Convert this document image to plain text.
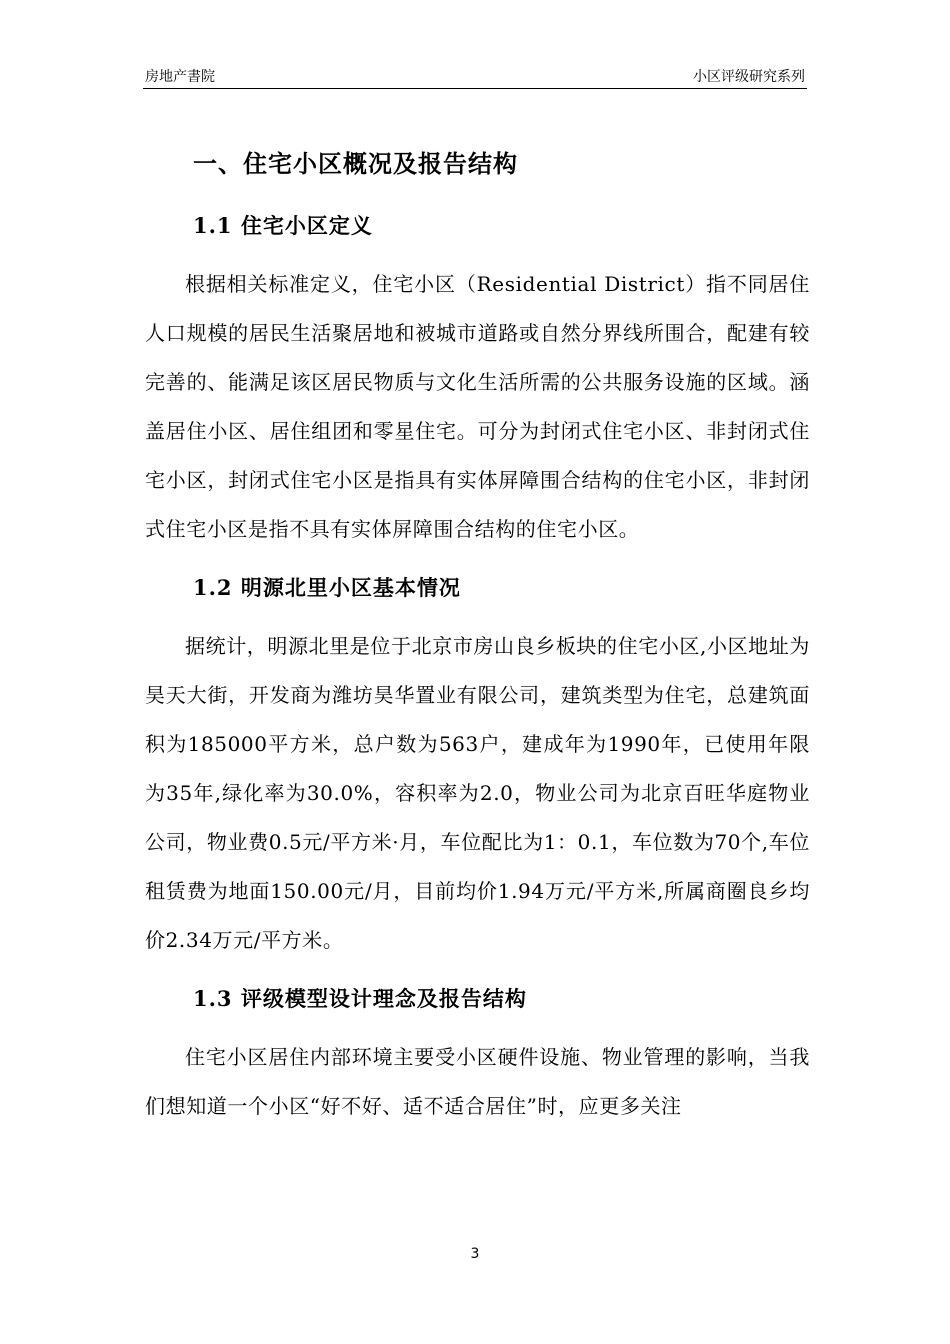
房地产書院	小区评级研究系列
一、住宅小区概况及报告结构
1.1 住宅小区定义

根据相关标准定义，住宅小区（Residential District）指不同居住人口规模的居民生活聚居地和被城市道路或自然分界线所围合，配建有较完善的、能满足该区居民物质与文化生活所需的公共服务设施的区域。涵盖居住小区、居住组团和零星住宅。可分为封闭式住宅小区、非封闭式住宅小区，封闭式住宅小区是指具有实体屏障围合结构的住宅小区，非封闭式住宅小区是指不具有实体屏障围合结构的住宅小区。

1.2 明源北里小区基本情况

据统计，明源北里是位于北京市房山良乡板块的住宅小区,小区地址为昊天大街，开发商为潍坊昊华置业有限公司，建筑类型为住宅，总建筑面积为185000平方米，总户数为563户，建成年为1990年，已使用年限为35年,绿化率为30.0%，容积率为2.0，物业公司为北京百旺华庭物业公司，物业费0.5元/平方米·月，车位配比为1：0.1，车位数为70个,车位租赁费为地面150.00元/月，目前均价1.94万元/平方米,所属商圈良乡均价2.34万元/平方米。

1.3 评级模型设计理念及报告结构

住宅小区居住内部环境主要受小区硬件设施、物业管理的影响，当我们想知道一个小区“好不好、适不适合居住”时，应更多关注

3
